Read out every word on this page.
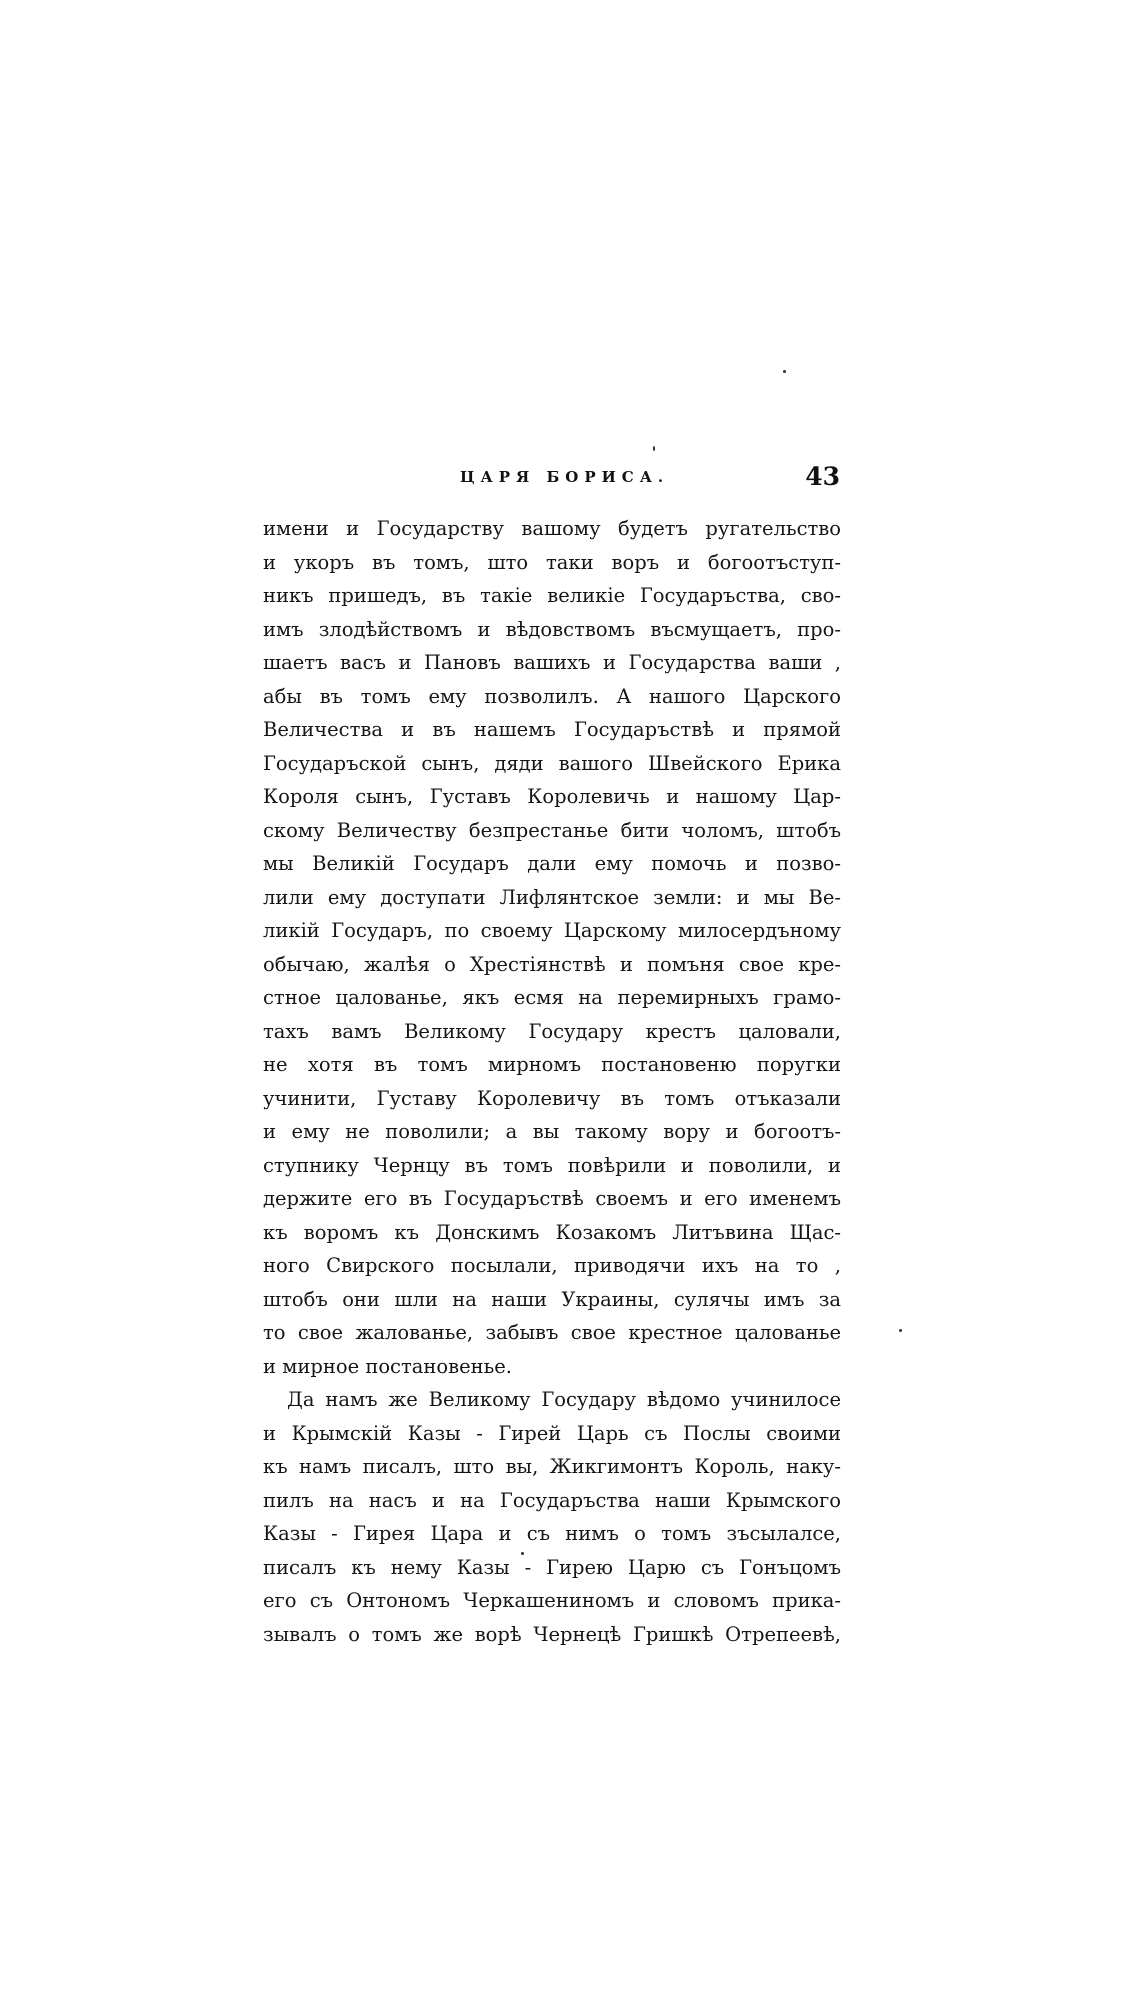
ЦАРЯ БОРИСА.	43
имени и Государству вашому будетъ ругательство
и укоръ въ томъ, што таки воръ и богоотъступ-
никъ пришедъ, въ такіе великіе Государъства, сво-
имъ злодѣйствомъ и вѣдовствомъ въсмущаетъ, про-
шаетъ васъ и Пановъ вашихъ и Государства ваши ,
абы въ томъ ему позволилъ. А нашого Царского
Величества и въ нашемъ Государъствѣ и прямой
Государъской сынъ, дяди вашого Швейского Ерика
Короля сынъ, Густавъ Королевичь и нашому Цар-
скому Величеству безпрестанье бити чоломъ, штобъ
мы Великій Государъ дали ему помочь и позво-
лили ему доступати Лифлянтское земли: и мы Ве-
ликій Государъ, по своему Царскому милосердъному
обычаю, жалѣя о Хрестіянствѣ и помъня свое кре-
стное цалованье, якъ есмя на перемирныхъ грамо-
тахъ вамъ Великому Государу крестъ цаловали,
не хотя въ томъ мирномъ постановеню поругки
учинити, Густаву Королевичу въ томъ отъказали
и ему не поволили; а вы такому вору и богоотъ-
ступнику Чернцу въ томъ повѣрили и поволили, и
держите его въ Государъствѣ своемъ и его именемъ
къ воромъ къ Донскимъ Козакомъ Литъвина Щас-
ного Свирского посылали, приводячи ихъ на то ,
штобъ они шли на наши Украины, сулячы имъ за
то свое жалованье, забывъ свое крестное цалованье
и мирное постановенье.
Да намъ же Великому Государу вѣдомо учинилосе
и Крымскій Казы - Гирей Царь съ Послы своими
къ намъ писалъ, што вы, Жикгимонтъ Король, наку-
пилъ на насъ и на Государъства наши Крымского
Казы - Гирея Цара и съ нимъ о томъ зъсылалсе,
писалъ къ нему Казы - Гирею Царю съ Гонъцомъ
его съ Онтономъ Черкашениномъ и словомъ прика-
зывалъ о томъ же ворѣ Чернецѣ Гришкѣ Отрепеевѣ,
